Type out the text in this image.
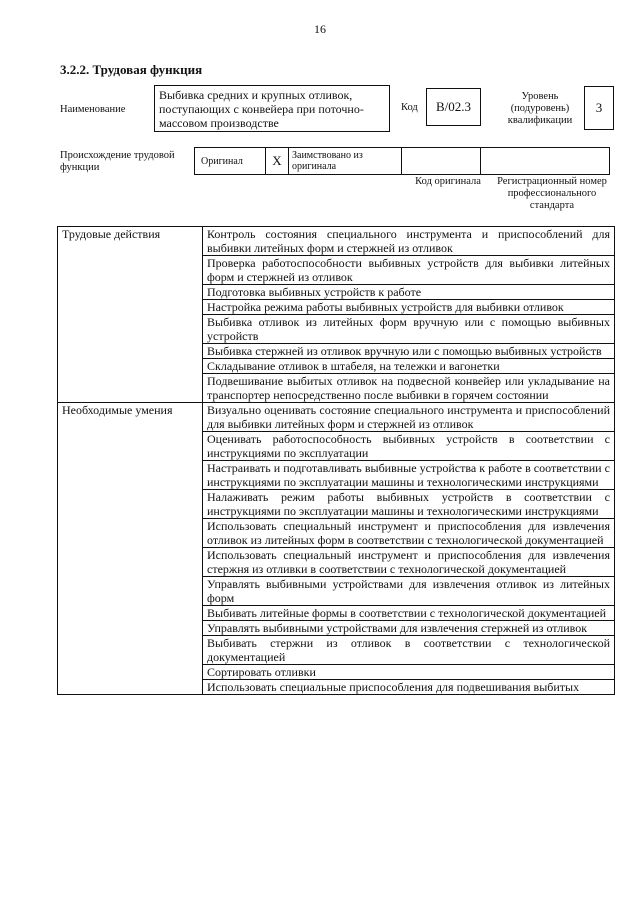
16
3.2.2. Трудовая функция
Наименование
Выбивка средних и крупных отливок, поступающих с конвейера при поточно-массовом производстве
Код	В/02.3
Уровень (подуровень) квалификации
3
Происхождение трудовой функции
Оригинал	X	Заимствовано из оригинала
Код оригинала	Регистрационный номер профессионального стандарта
Трудовые действия	Контроль состояния специального инструмента и приспособлений для выбивки литейных форм и стержней из отливок
	Проверка работоспособности выбивных устройств для выбивки литейных форм и стержней из отливок
	Подготовка выбивных устройств к работе
	Настройка режима работы выбивных устройств для выбивки отливок
	Выбивка отливок из литейных форм вручную или с помощью выбивных устройств
	Выбивка стержней из отливок вручную или с помощью выбивных устройств
	Складывание отливок в штабеля, на тележки и вагонетки
	Подвешивание выбитых отливок на подвесной конвейер или укладывание на транспортер непосредственно после выбивки в горячем состоянии
Необходимые умения	Визуально оценивать состояние специального инструмента и приспособлений для выбивки литейных форм и стержней из отливок
	Оценивать работоспособность выбивных устройств в соответствии с инструкциями по эксплуатации
	Настраивать и подготавливать выбивные устройства к работе в соответствии с инструкциями по эксплуатации машины и технологическими инструкциями
	Налаживать режим работы выбивных устройств в соответствии с инструкциями по эксплуатации машины и технологическими инструкциями
	Использовать специальный инструмент и приспособления для извлечения отливок из литейных форм в соответствии с технологической документацией
	Использовать специальный инструмент и приспособления для извлечения стержня из отливки в соответствии с технологической документацией
	Управлять выбивными устройствами для извлечения отливок из литейных форм
	Выбивать литейные формы в соответствии с технологической документацией
	Управлять выбивными устройствами для извлечения стержней из отливок
	Выбивать стержни из отливок в соответствии с технологической документацией
	Сортировать отливки
	Использовать специальные приспособления для подвешивания выбитых
